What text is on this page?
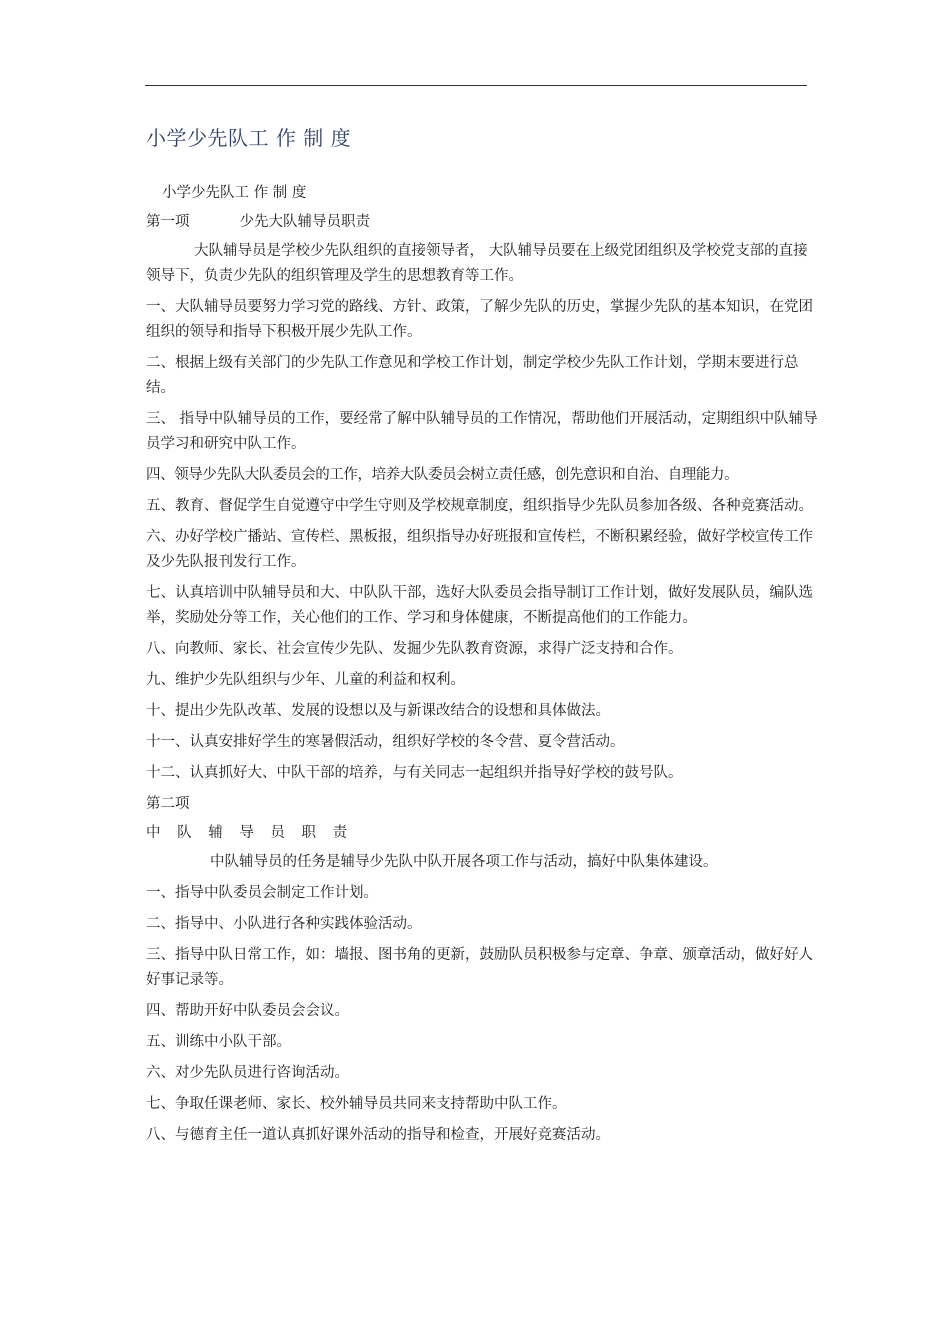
小学少先队工 作 制 度

小学少先队工 作 制 度

第一项	少先大队辅导员职责

大队辅导员是学校少先队组织的直接领导者， 大队辅导员要在上级党团组织及学校党支部的直接领导下，负责少先队的组织管理及学生的思想教育等工作。

一、大队辅导员要努力学习党的路线、方针、政策，了解少先队的历史，掌握少先队的基本知识，在党团组织的领导和指导下积极开展少先队工作。

二、根据上级有关部门的少先队工作意见和学校工作计划，制定学校少先队工作计划，学期末要进行总结。

三、 指导中队辅导员的工作，要经常了解中队辅导员的工作情况，帮助他们开展活动，定期组织中队辅导员学习和研究中队工作。

四、领导少先队大队委员会的工作，培养大队委员会树立责任感，创先意识和自治、自理能力。

五、教育、督促学生自觉遵守中学生守则及学校规章制度，组织指导少先队员参加各级、各种竞赛活动。

六、办好学校广播站、宣传栏、黑板报，组织指导办好班报和宣传栏，不断积累经验，做好学校宣传工作及少先队报刊发行工作。

七、认真培训中队辅导员和大、中队队干部，选好大队委员会指导制订工作计划，做好发展队员，编队选举，奖励处分等工作，关心他们的工作、学习和身体健康，不断提高他们的工作能力。

八、向教师、家长、社会宣传少先队、发掘少先队教育资源，求得广泛支持和合作。

九、维护少先队组织与少年、儿童的利益和权利。

十、提出少先队改革、发展的设想以及与新课改结合的设想和具体做法。

十一、认真安排好学生的寒暑假活动，组织好学校的冬令营、夏令营活动。

十二、认真抓好大、中队干部的培养，与有关同志一起组织并指导好学校的鼓号队。

第二项

中 队 辅 导 员 职 责

中队辅导员的任务是辅导少先队中队开展各项工作与活动，搞好中队集体建设。

一、指导中队委员会制定工作计划。

二、指导中、小队进行各种实践体验活动。

三、指导中队日常工作，如：墙报、图书角的更新，鼓励队员积极参与定章、争章、颁章活动，做好好人好事记录等。

四、帮助开好中队委员会会议。

五、训练中小队干部。

六、对少先队员进行咨询活动。

七、争取任课老师、家长、校外辅导员共同来支持帮助中队工作。

八、与德育主任一道认真抓好课外活动的指导和检查，开展好竞赛活动。
